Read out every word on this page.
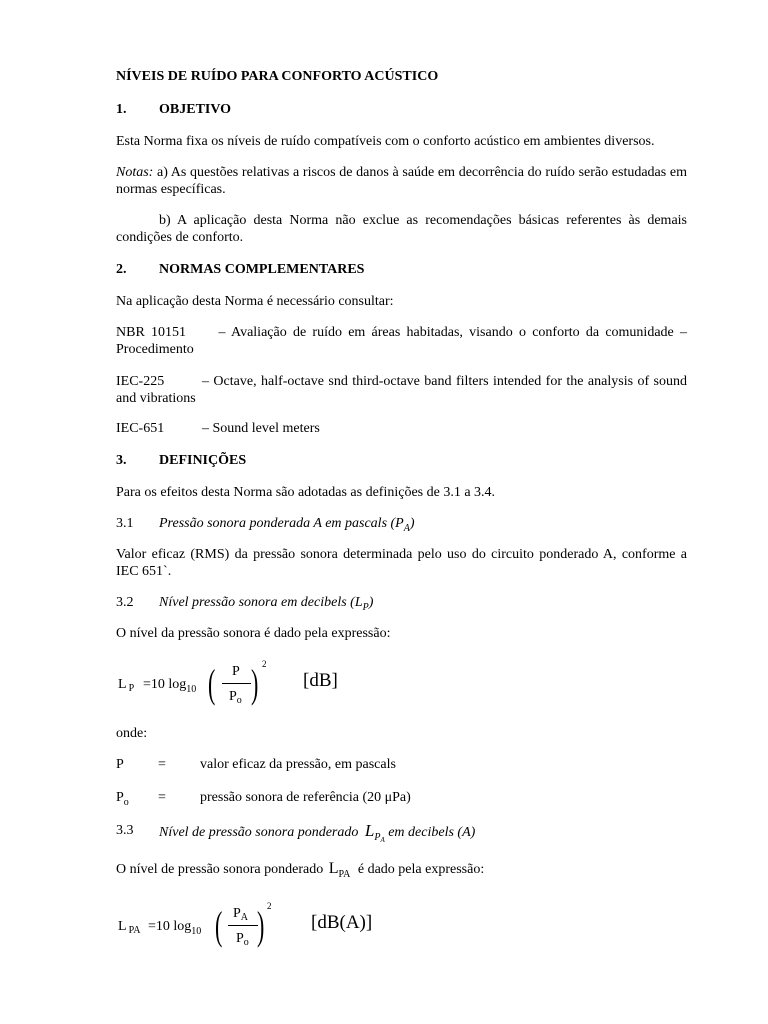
NÍVEIS DE RUÍDO PARA CONFORTO ACÚSTICO
1. OBJETIVO

Esta Norma fixa os níveis de ruído compatíveis com o conforto acústico em ambientes diversos.

Notas: a) As questões relativas a riscos de danos à saúde em decorrência do ruído serão estudadas em normas específicas.

b) A aplicação desta Norma não exclue as recomendações básicas referentes às demais condições de conforto.

2. NORMAS COMPLEMENTARES

Na aplicação desta Norma é necessário consultar:

NBR 10151 – Avaliação de ruído em áreas habitadas, visando o conforto da comunidade – Procedimento
IEC-225	– Octave, half-octave snd third-octave band filters intended for the analysis of sound and vibrations
IEC-651	– Sound level meters
3. DEFINIÇÕES

Para os efeitos desta Norma são adotadas as definições de 3.1 a 3.4.

3.1 Pressão sonora ponderada A em pascals $(P_A)$

Valor eficaz (RMS) da pressão sonora determinada pelo uso do circuito ponderado A, conforme a IEC 651`.

3.2 Nível pressão sonora em decibels $(L_P)$

O nível da pressão sonora é dado pela expressão:

L $_P$ =10 $\log_{10}$ ( P
$P_o$ ) 2
[dB]

onde:

P = valor eficaz da pressão, em pascals
$P_o$ = pressão sonora de referência (20 μPa)
3.3 Nível de pressão sonora ponderado $L_{PA}$ em decibels (A)

O nível de pressão sonora ponderado $L_{PA}$ é dado pela expressão:

L $_{PA}$ =10 $\log_{10}$ ( $P_A$
$P_o$ ) 2
[dB(A)]
